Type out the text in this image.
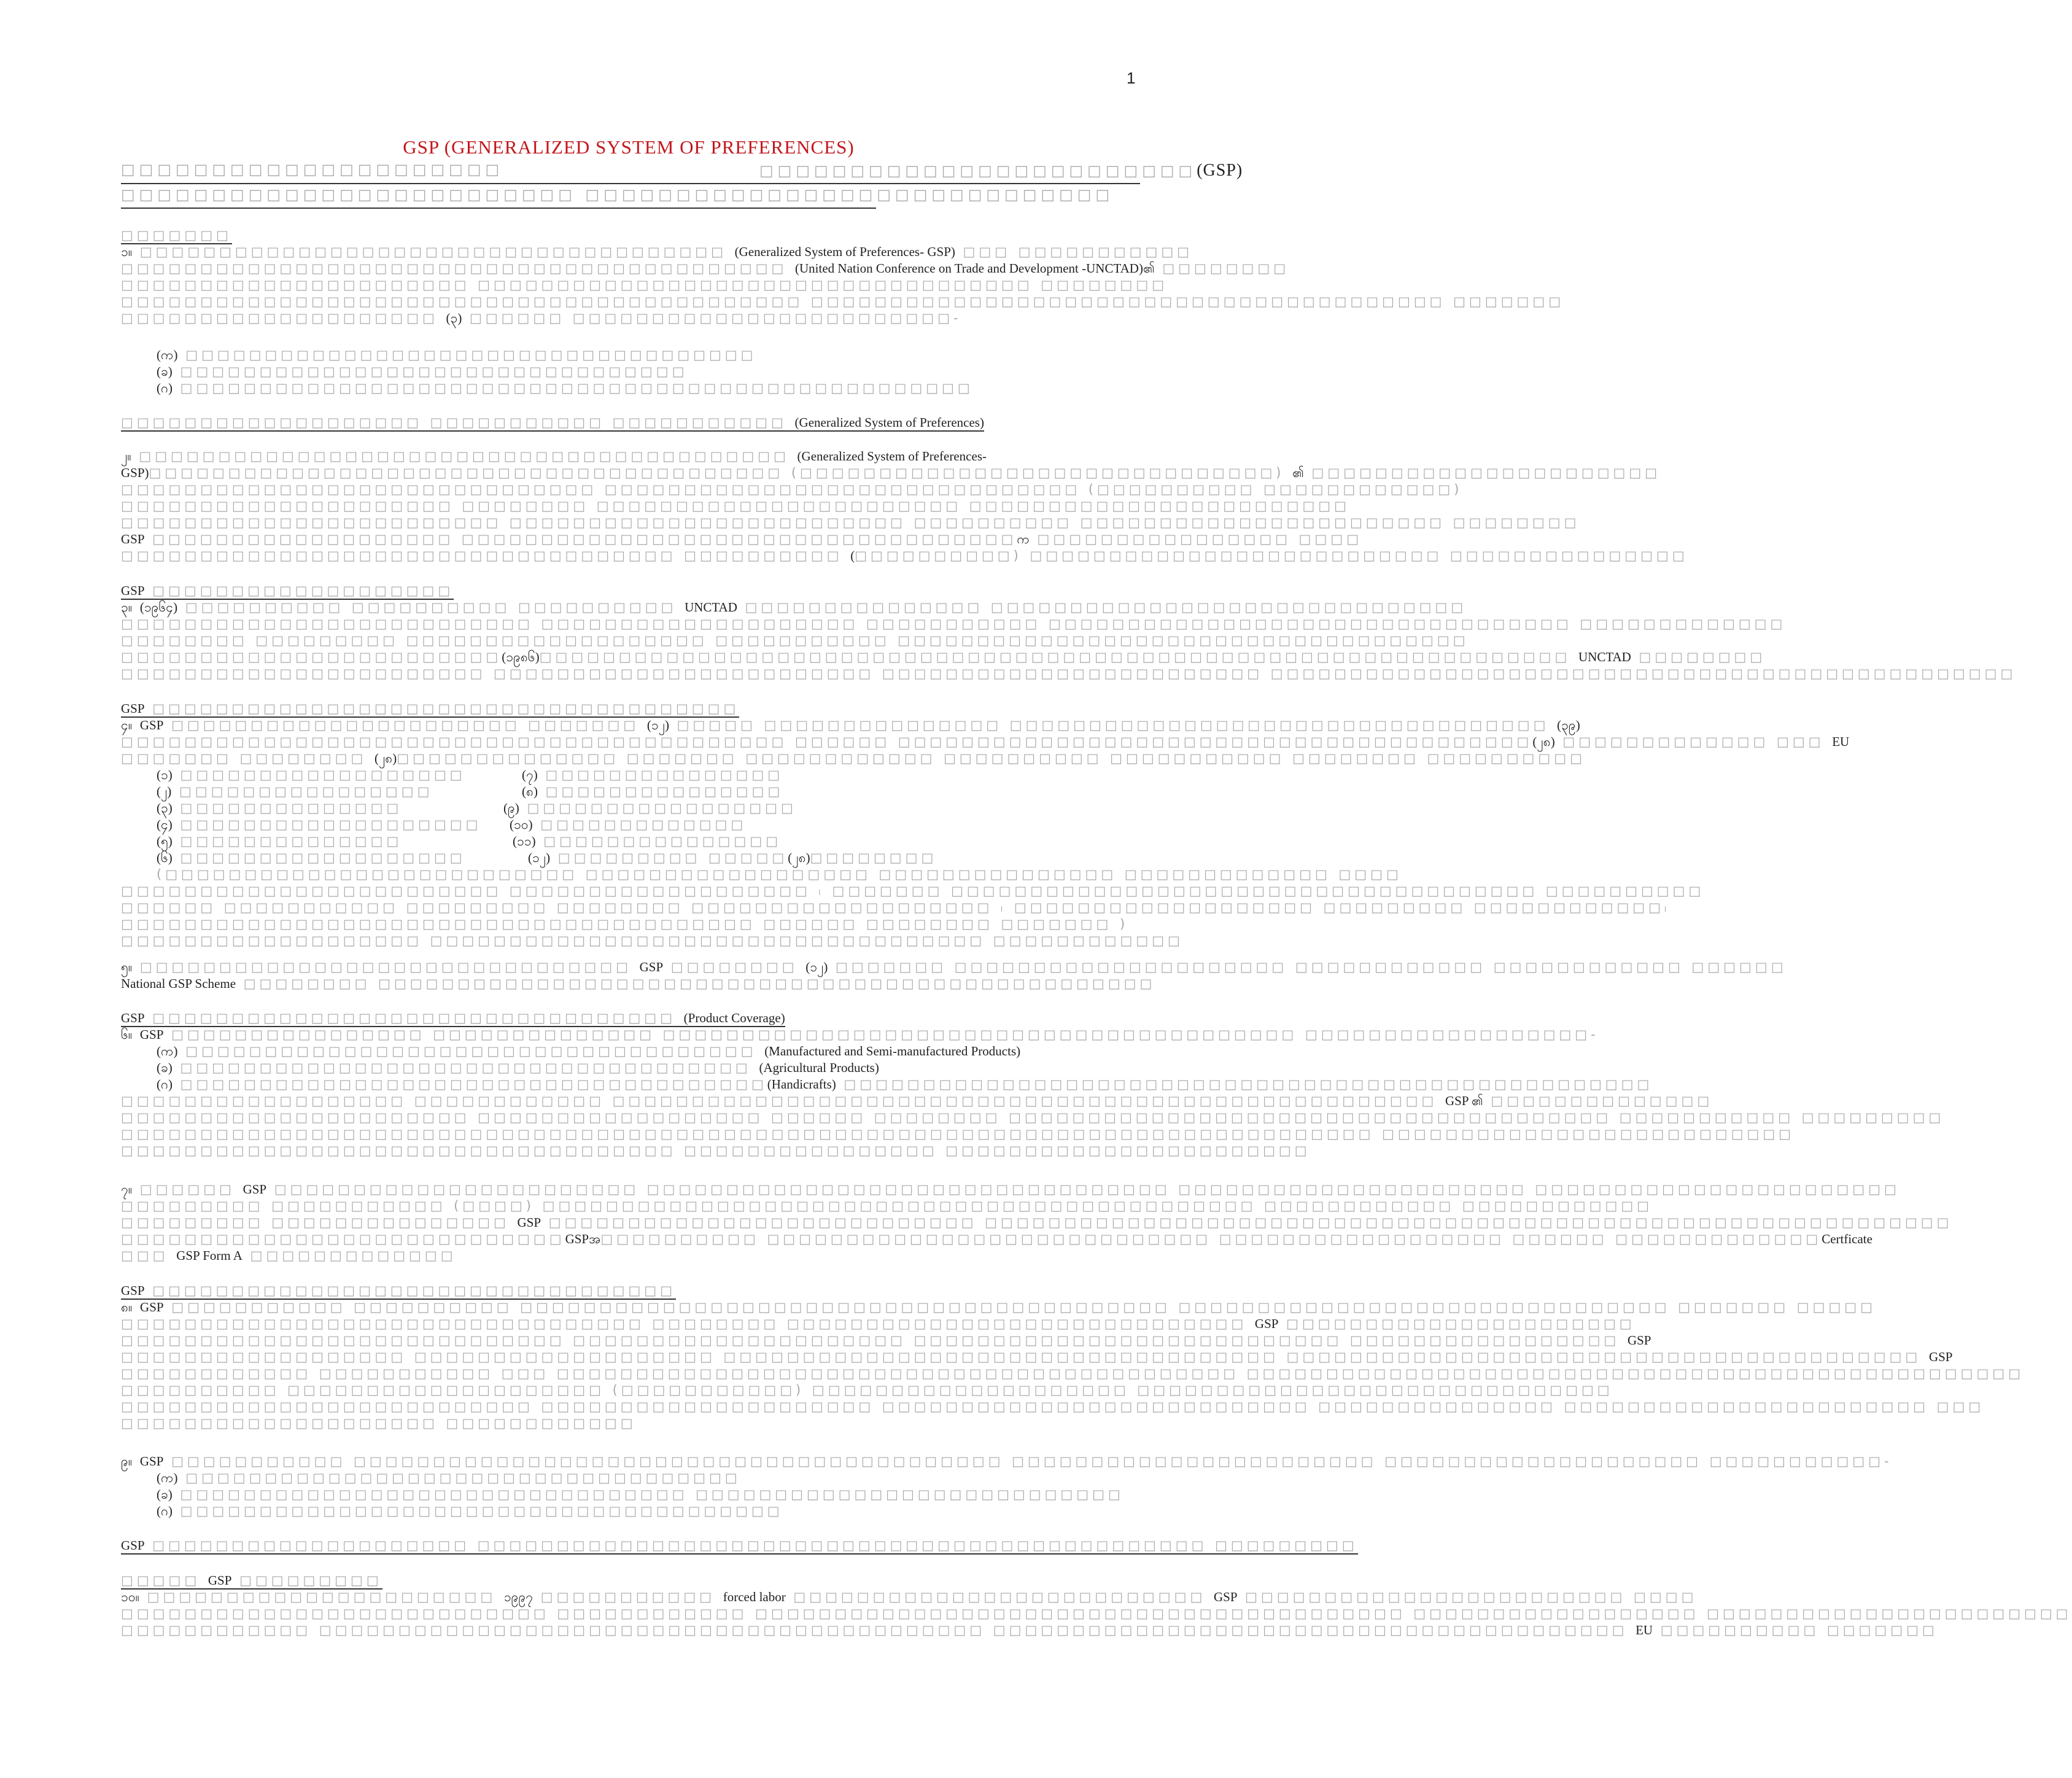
1
GSP (GENERALIZED SYSTEM OF PREFERENCES)
□□□□□□□□□□□□□□□□□□□□□	□□□□□□□□□□□□□□□□□□□□□□□□(GSP)
□□□□□□□□□□□□□□□□□□□□□□□□□ □□□□□□□□□□□□□□□□□□□□□□□□□□□□□
□□□□□□□
၁။ □□□□□□□□□□□□□□□□□□□□□□□□□□□□□□□□□□□□□ (Generalized System of Preferences- GSP) □□□ □□□□□□□□□□□
□□□□□□□□□□□□□□□□□□□□□□□□□□□□□□□□□□□□□□□□□□ (United Nation Conference on Trade and Development -UNCTAD)၏ □□□□□□□□
□□□□□□□□□□□□□□□□□□□□□□ □□□□□□□□□□□□□□□□□□□□□□□□□□□□□□□□□□□ □□□□□□□□
□□□□□□□□□□□□□□□□□□□□□□□□□□□□□□□□□□□□□□□□□□□ □□□□□□□□□□□□□□□□□□□□□□□□□□□□□□□□□□□□□□□□ □□□□□□□
□□□□□□□□□□□□□□□□□□□□ (၃) □□□□□□ □□□□□□□□□□□□□□□□□□□□□□□□-
(က) □□□□□□□□□□□□□□□□□□□□□□□□□□□□□□□□□□□□
(ခ) □□□□□□□□□□□□□□□□□□□□□□□□□□□□□□□□
(ဂ) □□□□□□□□□□□□□□□□□□□□□□□□□□□□□□□□□□□□□□□□□□□□□□□□□□
□□□□□□□□□□□□□□□□□□□ □□□□□□□□□□□ □□□□□□□□□□□ (Generalized System of Preferences)
၂။ □□□□□□□□□□□□□□□□□□□□□□□□□□□□□□□□□□□□□□□□□ (Generalized System of Preferences-
GSP)□□□□□□□□□□□□□□□□□□□□□□□□□□□□□□□□□□□□□□□□ (□□□□□□□□□□□□□□□□□□□□□□□□□□□□□□) ၏ □□□□□□□□□□□□□□□□□□□□□□
□□□□□□□□□□□□□□□□□□□□□□□□□□□□□□ □□□□□□□□□□□□□□□□□□□□□□□□□□□□□□ (□□□□□□□□□□ □□□□□□□□□□□□)
□□□□□□□□□□□□□□□□□□□□□ □□□□□□□□ □□□□□□□□□□□□□□□□□□□□□□□ □□□□□□□□□□□□□□□□□□□□□□□□
□□□□□□□□□□□□□□□□□□□□□□□□ □□□□□□□□□□□□□□□□□□□□□□□□□ □□□□□□□□□□ □□□□□□□□□□□□□□□□□□□□□□□ □□□□□□□□
GSP □□□□□□□□□□□□□□□□□□□ □□□□□□□□□□□□□□□□□□□□□□□□□□□□□□□□□□□က □□□□□□□□□□□□□□□□ □□□□
□□□□□□□□□□□□□□□□□□□□□□□□□□□□□□□□□□□ □□□□□□□□□□ (□□□□□□□□□□) □□□□□□□□□□□□□□□□□□□□□□□□□□ □□□□□□□□□□□□□□□
GSP □□□□□□□□□□□□□□□□□□□
၃။ (၁၉၆၄) □□□□□□□□□□ □□□□□□□□□□ □□□□□□□□□□ UNCTAD □□□□□□□□□□□□□□□ □□□□□□□□□□□□□□□□□□□□□□□□□□□□□□
□□□□□□□□□□□□□□□□□□□□□□□□□□ □□□□□□□□□□□□□□□□□□□□ □□□□□□□□□□□ □□□□□□□□□□□□□□□□□□□□□□□□□□□□□□□□□ □□□□□□□□□□□□□
□□□□□□□□ □□□□□□□□□ □□□□□□□□□□□□□□□□□□□ □□□□□□□□□□□ □□□□□□□□□□□□□□□□□□□□□□□□□□□□□□□□□□□□
□□□□□□□□□□□□□□□□□□□□□□□□(၁၉၈၆)□□□□□□□□□□□□□□□□□□□□□□□□□□□□□□□□□□□□□□□□□□□□□□□□□□□□□□□□□□□□□□□□□ UNCTAD □□□□□□□□
□□□□□□□□□□□□□□□□□□□□□□□ □□□□□□□□□□□□□□□□□□□□□□□□ □□□□□□□□□□□□□□□□□□□□□□□□ □□□□□□□□□□□□□□□□□□□□□□□□□□□□□□□□□□□□□□□□□□□□□□□
GSP □□□□□□□□□□□□□□□□□□□□□□□□□□□□□□□□□□□□□
၄။ GSP □□□□□□□□□□□□□□□□□□□□□□ □□□□□□□ (၁၂) □□□□□ □□□□□□□□□□□□□□□ □□□□□□□□□□□□□□□□□□□□□□□□□□□□□□□□□□ (၃၉)
□□□□□□□□□□□□□□□□□□□□□□□□□□□□□□□□□□□□□□□□□□ □□□□□□ □□□□□□□□□□□□□□□□□□□□□□□□□□□□□□□□□□□□□□□□(၂၈) □□□□□□□□□□□□□ □□□ EU
□□□□□□□ □□□□□□□□ (၂၈)□□□□□□□□□□□□□□ □□□□□□□ □□□□□□□□□□□□ □□□□□□□□□□ □□□□□□□□□□□ □□□□□□□□ □□□□□□□□□□
(၁) □□□□□□□□□□□□□□□□□□
(၂) □□□□□□□□□□□□□□□□
(၃) □□□□□□□□□□□□□□
(၄) □□□□□□□□□□□□□□□□□□□
(၅) □□□□□□□□□□□□□□
(၆) □□□□□□□□□□□□□□□□□□
(၇) □□□□□□□□□□□□□□□
(၈) □□□□□□□□□□□□□□□
(၉) □□□□□□□□□□□□□□□□□
(၁၀) □□□□□□□□□□□□□
(၁၁) □□□□□□□□□□□□□□□
(၁၂) □□□□□□□□□ □□□□□(၂၈)□□□□□□□□
(□□□□□□□□□□□□□□□□□□□□□□□□□□ □□□□□□□□□□□□□□□□□□ □□□□□□□□□□□□□□□ □□□□□□□□□□□□□ □□□□
□□□□□□□□□□□□□□□□□□□□□□□□ □□□□□□□□□□□□□□□□□□□ ၊ □□□□□□□ □□□□□□□□□□□□□□□□□□□□□□□□□□□□□□□□□□□□□ □□□□□□□□□□
□□□□□□ □□□□□□□□□□□ □□□□□□□□□ □□□□□□□□ □□□□□□□□□□□□□□□□□□□ ၊ □□□□□□□□□□□□□□□□□□□ □□□□□□□□□ □□□□□□□□□□□□၊
□□□□□□□□□□□□□□□□□□□□□□□□□□□□□□□□□□□□□□□□ □□□□□□ □□□□□□□□ □□□□□□□ )
□□□□□□□□□□□□□□□□□□□ □□□□□□□□□□□□□□□□□□□□□□□□□□□□□□□□□□□ □□□□□□□□□□□□
၅။ □□□□□□□□□□□□□□□□□□□□□□□□□□□□□□□ GSP □□□□□□□□ (၁၂) □□□□□□□ □□□□□□□□□□□□□□□□□□□□□ □□□□□□□□□□□□ □□□□□□□□□□□□ □□□□□□
National GSP Scheme □□□□□□□□ □□□□□□□□□□□□□□□□□□□□□□□□□□□□□□□□□□□□□□□□□□□□□□□□□
GSP □□□□□□□□□□□□□□□□□□□□□□□□□□□□□□□□□ (Product Coverage)
၆။ GSP □□□□□□□□□□□□□□□□ □□□□□□□□□□□□□□ □□□□□□□□□□□□□□□□□□□□□□□□□□□□□□□□□□□□□□□□ □□□□□□□□□□□□□□□□□□-
(က) □□□□□□□□□□□□□□□□□□□□□□□□□□□□□□□□□□□□ (Manufactured and Semi-manufactured Products)
(ခ) □□□□□□□□□□□□□□□□□□□□□□□□□□□□□□□□□□□□ (Agricultural Products)
(ဂ) □□□□□□□□□□□□□□□□□□□□□□□□□□□□□□□□□□□□□(Handicrafts) □□□□□□□□□□□□□□□□□□□□□□□□□□□□□□□□□□□□□□□□□□□□□□□□□□□
□□□□□□□□□□□□□□□□□□ □□□□□□□□□□□□ □□□□□□□□□□□□□□□□□□□□□□□□□□□□□□□□□□□□□□□□□□□□□□□□□□□□ GSP ၏ □□□□□□□□□□□□□□
□□□□□□□□□□□□□□□□□□□□□□ □□□□□□□□□□□□□□□□□□ □□□□□□ □□□□□□□□ □□□□□□□□□□□□□□□□□□□□□□□□□□□□□□□□□□□□□□ □□□□□□□□□□□ □□□□□□□□□
□□□□□□□□□□□□□□□□□□□□□□□□□□□□□□□□□□□□□□□□□□□□□□□□□□□□□□□□□□□□□□□□□□□□□□□□□□□□□□□ □□□□□□□□□□□□□□□□□□□□□□□□□□
□□□□□□□□□□□□□□□□□□□□□□□□□□□□□□□□□□□ □□□□□□□□□□□□□□□□ □□□□□□□□□□□□□□□□□□□□□□□
၇။ □□□□□□ GSP □□□□□□□□□□□□□□□□□□□□□□□ □□□□□□□□□□□□□□□□□□□□□□□□□□□□□□□□□ □□□□□□□□□□□□□□□□□□□□□□ □□□□□□□□□□□□□□□□□□□□□□□
□□□□□□□□□ □□□□□□□□□□□ (□□□□) □□□□□□□□□□□□□□□□□□□□□□□□□□□□□□□□□□□□□□□□□□□□□ □□□□□□□□□□□□ □□□□□□□□□□□□
□□□□□□□□□ □□□□□□□□□□□□□□□ GSP □□□□□□□□□□□□□□□□□□□□□□□□□□□ □□□□□□□□□□□□□□□□□□□□□□□□□□□□□□□□□□□□□□□□□□□□□□□□□□□□□□□□□□□□□
□□□□□□□□□□□□□□□□□□□□□□□□□□□□GSPအ□□□□□□□□□□ □□□□□□□□□□□□□□□□□□□□□□□□□□□□ □□□□□□□□□□□□□□□□□□ □□□□□□ □□□□□□□□□□□□□Certficate
□□□ GSP Form A □□□□□□□□□□□□□
GSP □□□□□□□□□□□□□□□□□□□□□□□□□□□□□□□□□
၈။ GSP □□□□□□□□□□□ □□□□□□□□□□ □□□□□□□□□□□□□□□□□□□□□□□□□□□□□□□□□□□□□□□□□ □□□□□□□□□□□□□□□□□□□□□□□□□□□□□□□ □□□□□□□ □□□□□
□□□□□□□□□□□□□□□□□□□□□□□□□□□□□□□□□ □□□□□□□□ □□□□□□□□□□□□□□□□□□□□□□□□□□□□□ GSP □□□□□□□□□□□□□□□□□□□□□□
□□□□□□□□□□□□□□□□□□□□□□□□□□□□ □□□□□□□□□□□□□□□□□□□□□ □□□□□□□□□□□□□□□□□□□□□□□□□□□ □□□□□□□□□□□□□□□□□ GSP
□□□□□□□□□□□□□□□□□□ □□□□□□□□□□□□□□□□□□□ □□□□□□□□□□□□□□□□□□□□□□□□□□□□□□□□□□□ □□□□□□□□□□□□□□□□□□□□□□□□□□□□□□□□□□□□□□□□ GSP
□□□□□□□□□□□□ □□□□□□□□□□□ □□□ □□□□□□□□□□□□□□□□□□□□□□□□□□□□□□□□□□□□□□□□□□□ □□□□□□□□□□□□□□□□□□□□□□□□□□□□□□□□□□□□□□□□□□□□□□□□□
□□□□□□□□□□ □□□□□□□□□□□□□□□□□□□□ (□□□□□□□□□□□) □□□□□□□□□□□□□□□□□□□□ □□□□□□□□□□□□□□□□□□□□□□□□□□□□□□
□□□□□□□□□□□□□□□□□□□□□□□□□□ □□□□□□□□□□□□□□□□□□□□□ □□□□□□□□□□□□□□□□□□□□□□□□□□□ □□□□□□□□□□□□□□□ □□□□□□□□□□□□□□□□□□□□□□□ □□□
□□□□□□□□□□□□□□□□□□□□ □□□□□□□□□□□□
၉။ GSP □□□□□□□□□□□ □□□□□□□□□□□□□□□□□□□□□□□□□□□□□□□□□□□□□□□□□ □□□□□□□□□□□□□□□□□□□□□□□ □□□□□□□□□□□□□□□□□□□□ □□□□□□□□□□□-
(က) □□□□□□□□□□□□□□□□□□□□□□□□□□□□□□□□□□□
(ခ) □□□□□□□□□□□□□□□□□□□□□□□□□□□□□□□□ □□□□□□□□□□□□□□□□□□□□□□□□□□□
(ဂ) □□□□□□□□□□□□□□□□□□□□□□□□□□□□□□□□□□□□□□
GSP □□□□□□□□□□□□□□□□□□□□ □□□□□□□□□□□□□□□□□□□□□□□□□□□□□□□□□□□□□□□□□□□□□□ □□□□□□□□□
□□□□□ GSP □□□□□□□□□
၁၀။ □□□□□□□□□□□□□□□□□□□□□□ ၁၉၉၇ □□□□□□□□□□□ forced labor □□□□□□□□□□□□□□□□□□□□□□□□□□ GSP □□□□□□□□□□□□□□□□□□□□□□□□ □□□□
□□□□□□□□□□□□□□□□□□□□□□□□□□□ □□□□□□□□□□□□ □□□□□□□□□□□□□□□□□□□□□□□□□□□□□□□□□□□□□□□□□ □□□□□□□□□□□□□□□□□□ □□□□□□□□□□□□□□□□□□□□□□□
□□□□□□□□□□□□ □□□□□□□□□□□□□□□□□□□□□□□□□□□□□□□□□□□□□□□□□□ □□□□□□□□□□□□□□□□□□□□□□□□□□□□□□□□□□□□□□□□ EU □□□□□□□□□□ □□□□□□□
